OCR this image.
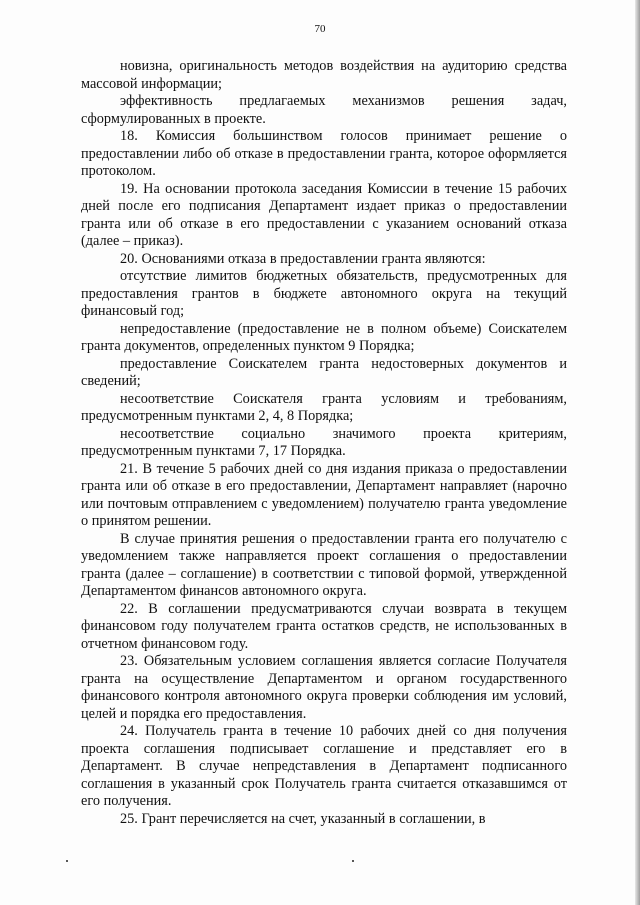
70

новизна, оригинальность методов воздействия на аудиторию средства массовой информации;

эффективность предлагаемых механизмов решения задач, сформулированных в проекте.

18. Комиссия большинством голосов принимает решение о предоставлении либо об отказе в предоставлении гранта, которое оформляется протоколом.

19. На основании протокола заседания Комиссии в течение 15 рабочих дней после его подписания Департамент издает приказ о предоставлении гранта или об отказе в его предоставлении с указанием оснований отказа (далее – приказ).

20. Основаниями отказа в предоставлении гранта являются:

отсутствие лимитов бюджетных обязательств, предусмотренных для предоставления грантов в бюджете автономного округа на текущий финансовый год;

непредоставление (предоставление не в полном объеме) Соискателем гранта документов, определенных пунктом 9 Порядка;

предоставление Соискателем гранта недостоверных документов и сведений;

несоответствие Соискателя гранта условиям и требованиям, предусмотренным пунктами 2, 4, 8 Порядка;

несоответствие социально значимого проекта критериям, предусмотренным пунктами 7, 17 Порядка.

21. В течение 5 рабочих дней со дня издания приказа о предоставлении гранта или об отказе в его предоставлении, Департамент направляет (нарочно или почтовым отправлением с уведомлением) получателю гранта уведомление о принятом решении.

В случае принятия решения о предоставлении гранта его получателю с уведомлением также направляется проект соглашения о предоставлении гранта (далее – соглашение) в соответствии с типовой формой, утвержденной Департаментом финансов автономного округа.

22. В соглашении предусматриваются случаи возврата в текущем финансовом году получателем гранта остатков средств, не использованных в отчетном финансовом году.

23. Обязательным условием соглашения является согласие Получателя гранта на осуществление Департаментом и органом государственного финансового контроля автономного округа проверки соблюдения им условий, целей и порядка его предоставления.

24. Получатель гранта в течение 10 рабочих дней со дня получения проекта соглашения подписывает соглашение и представляет его в Департамент. В случае непредставления в Департамент подписанного соглашения в указанный срок Получатель гранта считается отказавшимся от его получения.

25. Грант перечисляется на счет, указанный в соглашении, в
